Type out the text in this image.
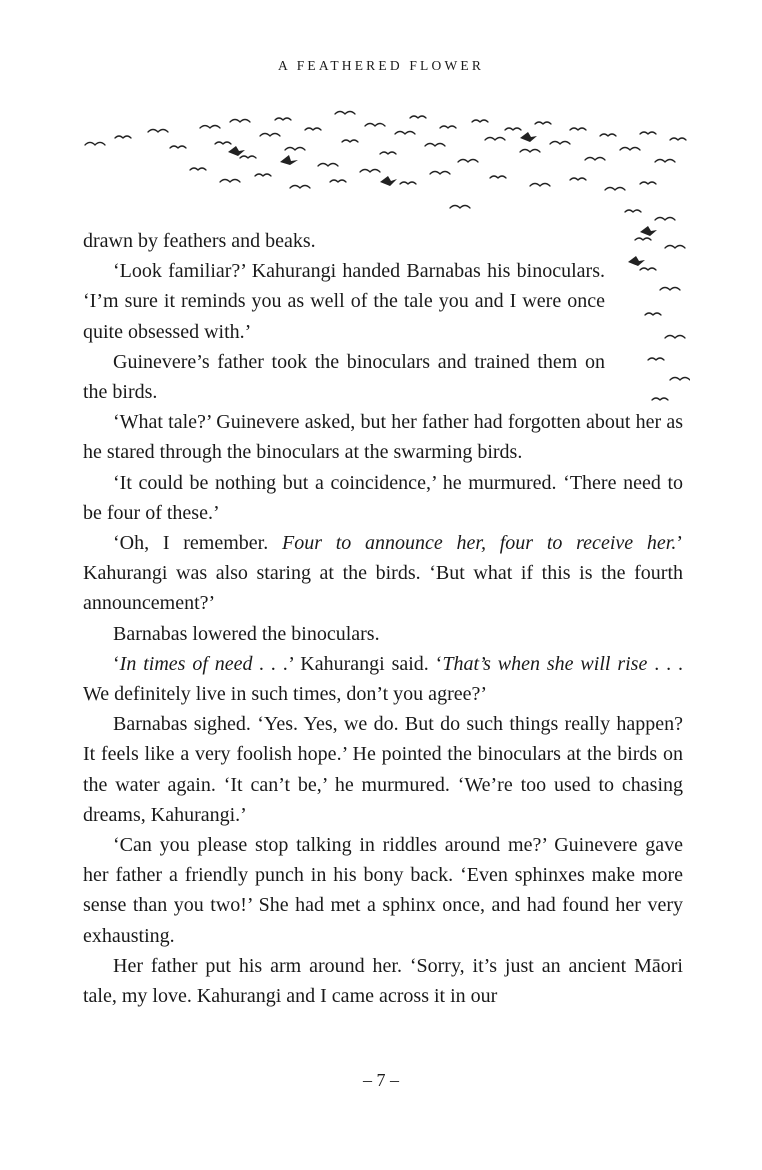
A FEATHERED FLOWER

drawn by feathers and beaks.

‘Look familiar?’ Kahurangi handed Barnabas his binoculars. ‘I’m sure it reminds you as well of the tale you and I were once quite obsessed with.’

Guinevere’s father took the binoculars and trained them on the birds.

‘What tale?’ Guinevere asked, but her father had forgotten about her as he stared through the binoculars at the swarming birds.

‘It could be nothing but a coincidence,’ he murmured. ‘There need to be four of these.’

‘Oh, I remember. Four to announce her, four to receive her.’ Kahurangi was also staring at the birds. ‘But what if this is the fourth announcement?’

Barnabas lowered the binoculars.

‘In times of need . . .’ Kahurangi said. ‘That’s when she will rise . . . We definitely live in such times, don’t you agree?’

Barnabas sighed. ‘Yes. Yes, we do. But do such things really happen? It feels like a very foolish hope.’ He pointed the binoculars at the birds on the water again. ‘It can’t be,’ he murmured. ‘We’re too used to chasing dreams, Kahurangi.’

‘Can you please stop talking in riddles around me?’ Guinevere gave her father a friendly punch in his bony back. ‘Even sphinxes make more sense than you two!’ She had met a sphinx once, and had found her very exhausting.

Her father put his arm around her. ‘Sorry, it’s just an ancient Māori tale, my love. Kahurangi and I came across it in our

– 7 –
